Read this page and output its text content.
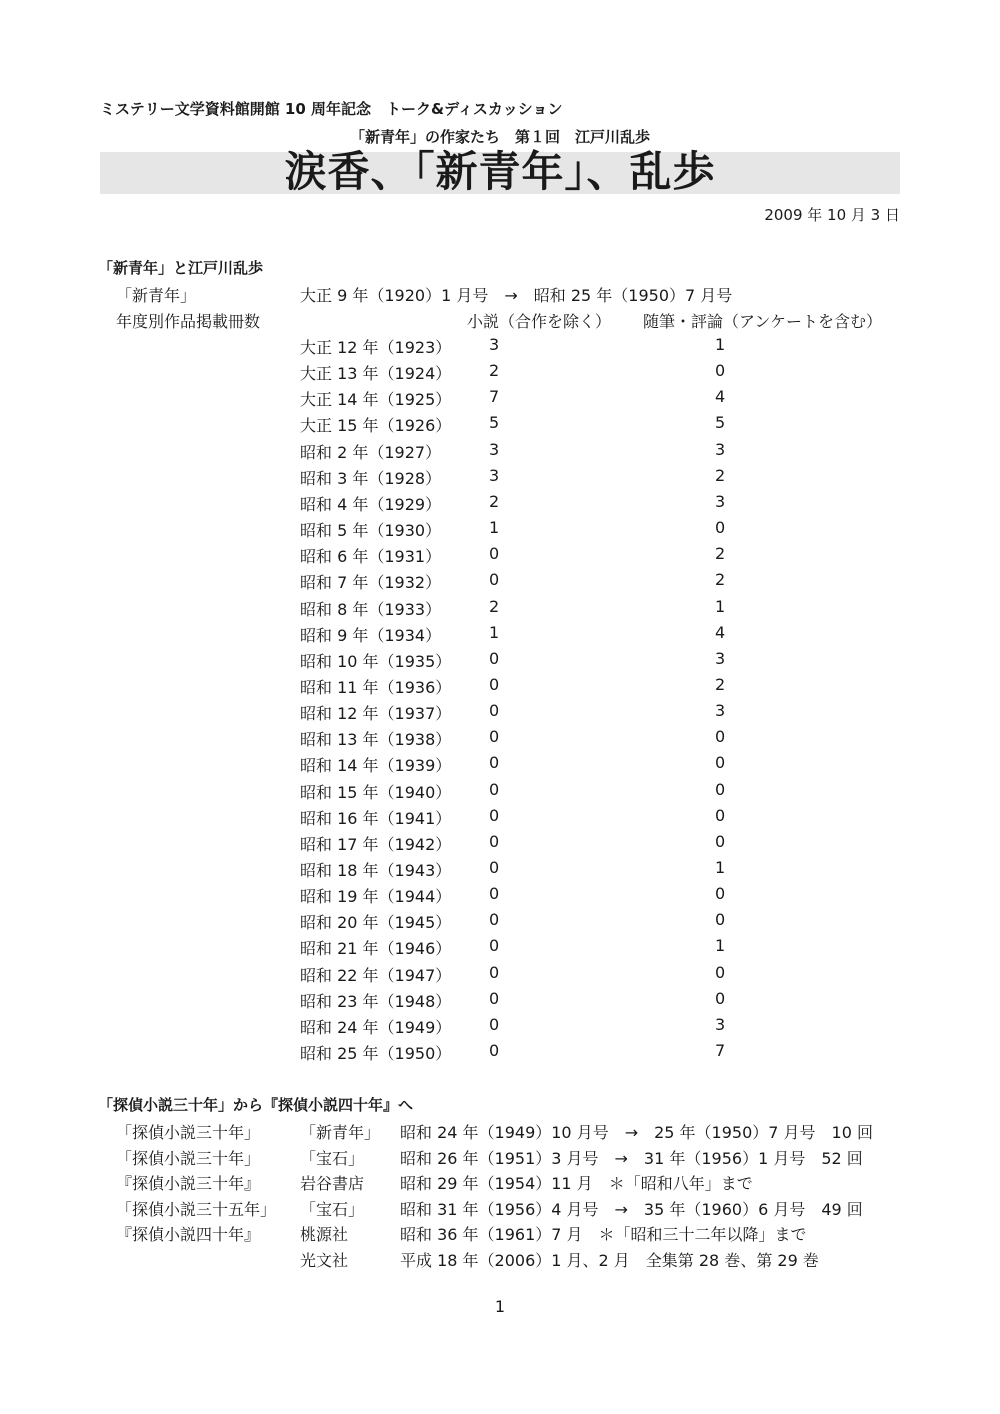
ミステリー文学資料館開館 10 周年記念　トーク&ディスカッション
「新青年」の作家たち　第１回　江戸川乱歩
涙香、「新青年」、乱歩
2009 年 10 月 3 日
「新青年」と江戸川乱歩
「新青年」	大正 9 年（1920）1 月号　→　昭和 25 年（1950）7 月号
年度別作品掲載冊数	小説（合作を除く） 随筆・評論（アンケートを含む）
大正 12 年（1923） 3	1
大正 13 年（1924） 2	0
大正 14 年（1925） 7	4
大正 15 年（1926） 5	5
昭和 2 年（1927）	3	3
昭和 3 年（1928）	3	2
昭和 4 年（1929）	2	3
昭和 5 年（1930）	1	0
昭和 6 年（1931）	0	2
昭和 7 年（1932）	0	2
昭和 8 年（1933）	2	1
昭和 9 年（1934）	1	4
昭和 10 年（1935） 0	3
昭和 11 年（1936） 0	2
昭和 12 年（1937） 0	3
昭和 13 年（1938） 0	0
昭和 14 年（1939） 0	0
昭和 15 年（1940） 0	0
昭和 16 年（1941） 0	0
昭和 17 年（1942） 0	0
昭和 18 年（1943） 0	1
昭和 19 年（1944） 0	0
昭和 20 年（1945） 0	0
昭和 21 年（1946） 0	1
昭和 22 年（1947） 0	0
昭和 23 年（1948） 0	0
昭和 24 年（1949） 0	3
昭和 25 年（1950） 0	7
「探偵小説三十年」から『探偵小説四十年』へ
「探偵小説三十年」 「新青年」 昭和 24 年（1949）10 月号　→　25 年（1950）7 月号　10 回
「探偵小説三十年」 「宝石」 昭和 26 年（1951）3 月号　→　31 年（1956）1 月号　52 回
『探偵小説三十年』 岩谷書店 昭和 29 年（1954）11 月　＊「昭和八年」まで
「探偵小説三十五年」 「宝石」 昭和 31 年（1956）4 月号　→　35 年（1960）6 月号　49 回
『探偵小説四十年』 桃源社	昭和 36 年（1961）7 月　＊「昭和三十二年以降」まで
光文社	平成 18 年（2006）1 月、2 月　全集第 28 巻、第 29 巻
1
